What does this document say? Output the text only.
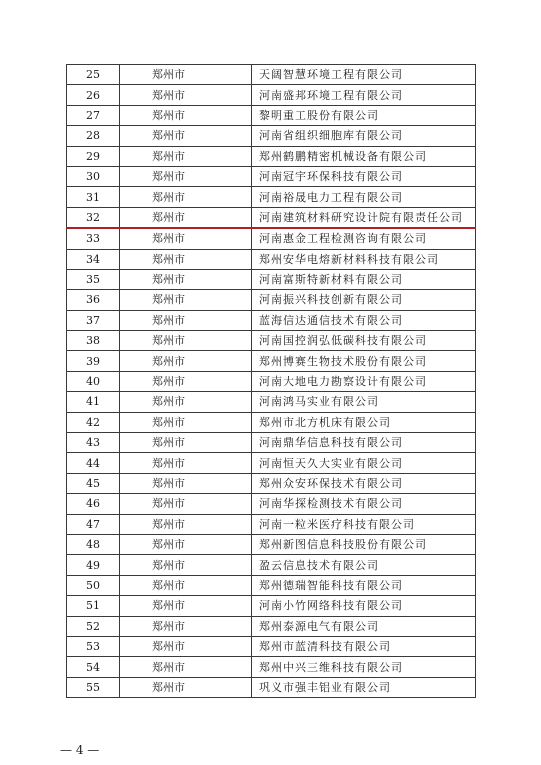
25	郑州市	天阔智慧环境工程有限公司
26	郑州市	河南盛邦环境工程有限公司
27	郑州市	黎明重工股份有限公司
28	郑州市	河南省组织细胞库有限公司
29	郑州市	郑州鹤鹏精密机械设备有限公司
30	郑州市	河南冠宇环保科技有限公司
31	郑州市	河南裕晟电力工程有限公司
32	郑州市	河南建筑材料研究设计院有限责任公司
33	郑州市	河南惠金工程检测咨询有限公司
34	郑州市	郑州安华电熔新材料科技有限公司
35	郑州市	河南富斯特新材料有限公司
36	郑州市	河南振兴科技创新有限公司
37	郑州市	蓝海信达通信技术有限公司
38	郑州市	河南国控润弘低碳科技有限公司
39	郑州市	郑州博赛生物技术股份有限公司
40	郑州市	河南大地电力勘察设计有限公司
41	郑州市	河南鸿马实业有限公司
42	郑州市	郑州市北方机床有限公司
43	郑州市	河南鼎华信息科技有限公司
44	郑州市	河南恒天久大实业有限公司
45	郑州市	郑州众安环保技术有限公司
46	郑州市	河南华探检测技术有限公司
47	郑州市	河南一粒米医疗科技有限公司
48	郑州市	郑州新图信息科技股份有限公司
49	郑州市	盈云信息技术有限公司
50	郑州市	郑州德瑞智能科技有限公司
51	郑州市	河南小竹网络科技有限公司
52	郑州市	郑州泰源电气有限公司
53	郑州市	郑州市蓝清科技有限公司
54	郑州市	郑州中兴三维科技有限公司
55	郑州市	巩义市强丰铝业有限公司
— 4 —
